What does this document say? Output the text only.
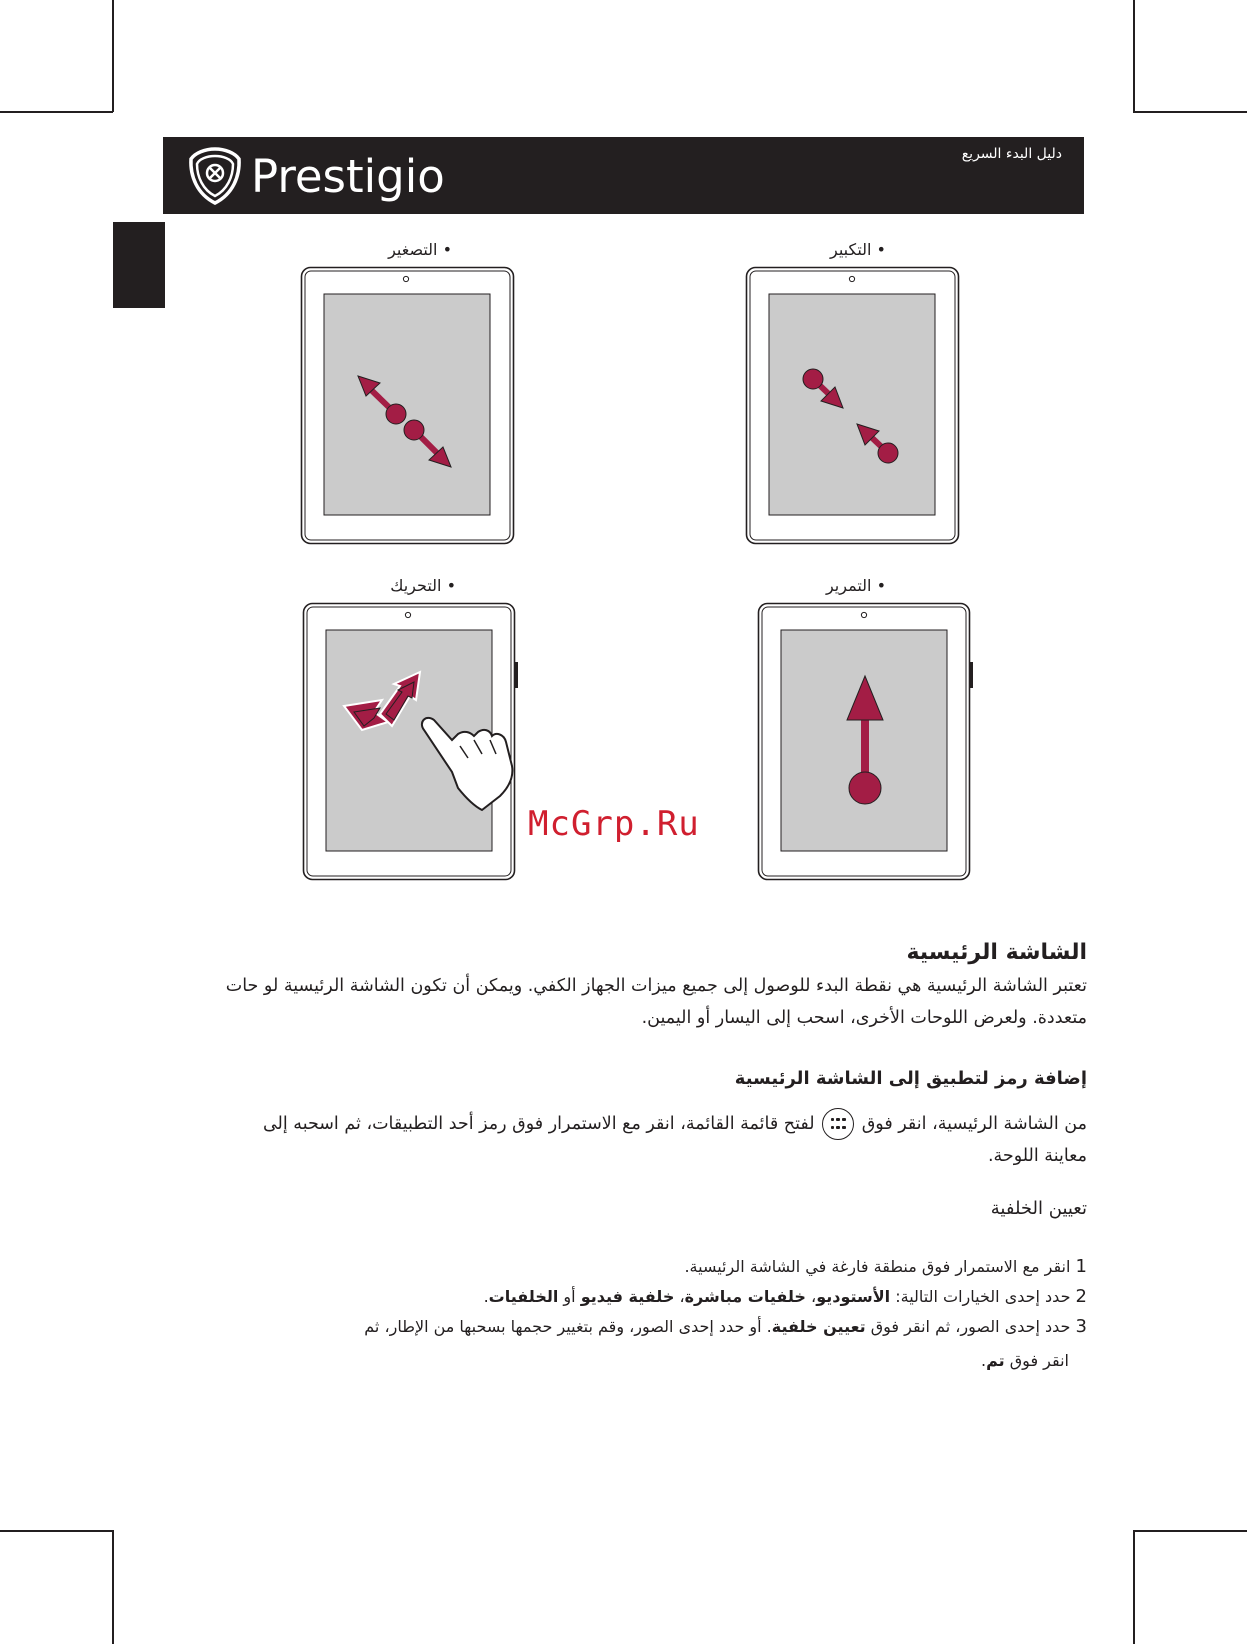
Prestigio	دليل البدء السريع
• التصغير	• التكبير
• التحريك	• التمرير
McGrp.Ru
الشاشة الرئيسية
تعتبر الشاشة الرئيسية هي نقطة البدء للوصول إلى جميع ميزات الجهاز الكفي. ويمكن أن تكون الشاشة الرئيسية لو حات متعددة. ولعرض اللوحات الأخرى، اسحب إلى اليسار أو اليمين.
إضافة رمز لتطبيق إلى الشاشة الرئيسية
من الشاشة الرئيسية، انقر فوق
لفتح قائمة القائمة، انقر مع الاستمرار فوق رمز أحد التطبيقات، ثم اسحبه إلى معاينة اللوحة.
تعيين الخلفية
1 انقر مع الاستمرار فوق منطقة فارغة في الشاشة الرئيسية.
2 حدد إحدى الخيارات التالية: الأستوديو، خلفيات مباشرة، خلفية فيديو أو الخلفيات.
3 حدد إحدى الصور، ثم انقر فوق تعيين خلفية. أو حدد إحدى الصور، وقم بتغيير حجمها بسحبها من الإطار، ثم
انقر فوق تم.
